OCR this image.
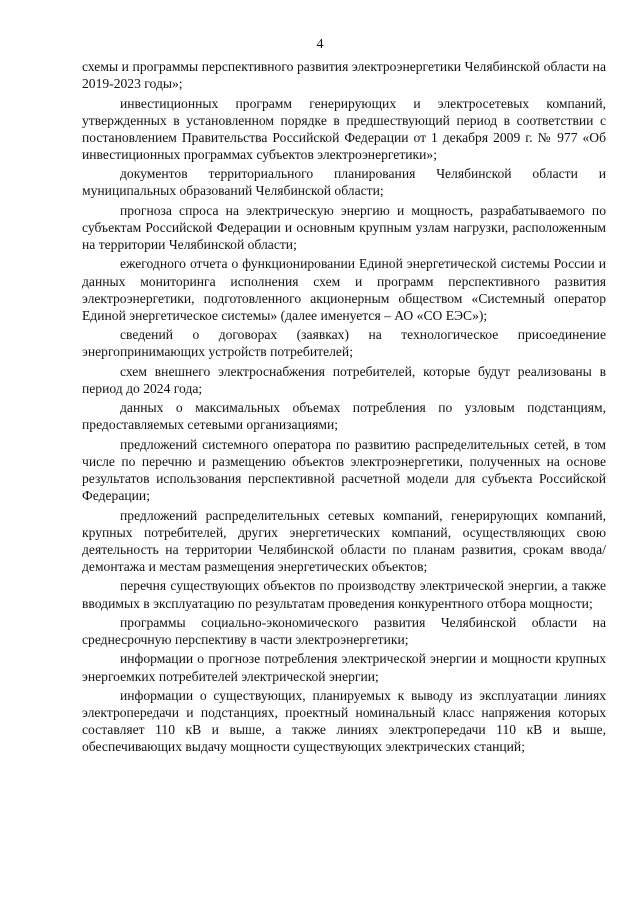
4

схемы и программы перспективного развития электроэнергетики Челябинской области на 2019-2023 годы»;

инвестиционных программ генерирующих и электросетевых компаний, утвержденных в установленном порядке в предшествующий период в соответствии с постановлением Правительства Российской Федерации от 1 декабря 2009 г. № 977 «Об инвестиционных программах субъектов электроэнергетики»;

документов территориального планирования Челябинской области и муниципальных образований Челябинской области;

прогноза спроса на электрическую энергию и мощность, разрабатываемого по субъектам Российской Федерации и основным крупным узлам нагрузки, расположенным на территории Челябинской области;

ежегодного отчета о функционировании Единой энергетической системы России и данных мониторинга исполнения схем и программ перспективного развития электроэнергетики, подготовленного акционерным обществом «Системный оператор Единой энергетическое системы» (далее именуется – АО «СО ЕЭС»);

сведений о договорах (заявках) на технологическое присоединение энергопринимающих устройств потребителей;

схем внешнего электроснабжения потребителей, которые будут реализованы в период до 2024 года;

данных о максимальных объемах потребления по узловым подстанциям, предоставляемых сетевыми организациями;

предложений системного оператора по развитию распределительных сетей, в том числе по перечню и размещению объектов электроэнергетики, полученных на основе результатов использования перспективной расчетной модели для субъекта Российской Федерации;

предложений распределительных сетевых компаний, генерирующих компаний, крупных потребителей, других энергетических компаний, осуществляющих свою деятельность на территории Челябинской области по планам развития, срокам ввода/демонтажа и местам размещения энергетических объектов;

перечня существующих объектов по производству электрической энергии, а также вводимых в эксплуатацию по результатам проведения конкурентного отбора мощности;

программы социально-экономического развития Челябинской области на среднесрочную перспективу в части электроэнергетики;

информации о прогнозе потребления электрической энергии и мощности крупных энергоемких потребителей электрической энергии;

информации о существующих, планируемых к выводу из эксплуатации линиях электропередачи и подстанциях, проектный номинальный класс напряжения которых составляет 110 кВ и выше, а также линиях электропередачи 110 кВ и выше, обеспечивающих выдачу мощности существующих электрических станций;
